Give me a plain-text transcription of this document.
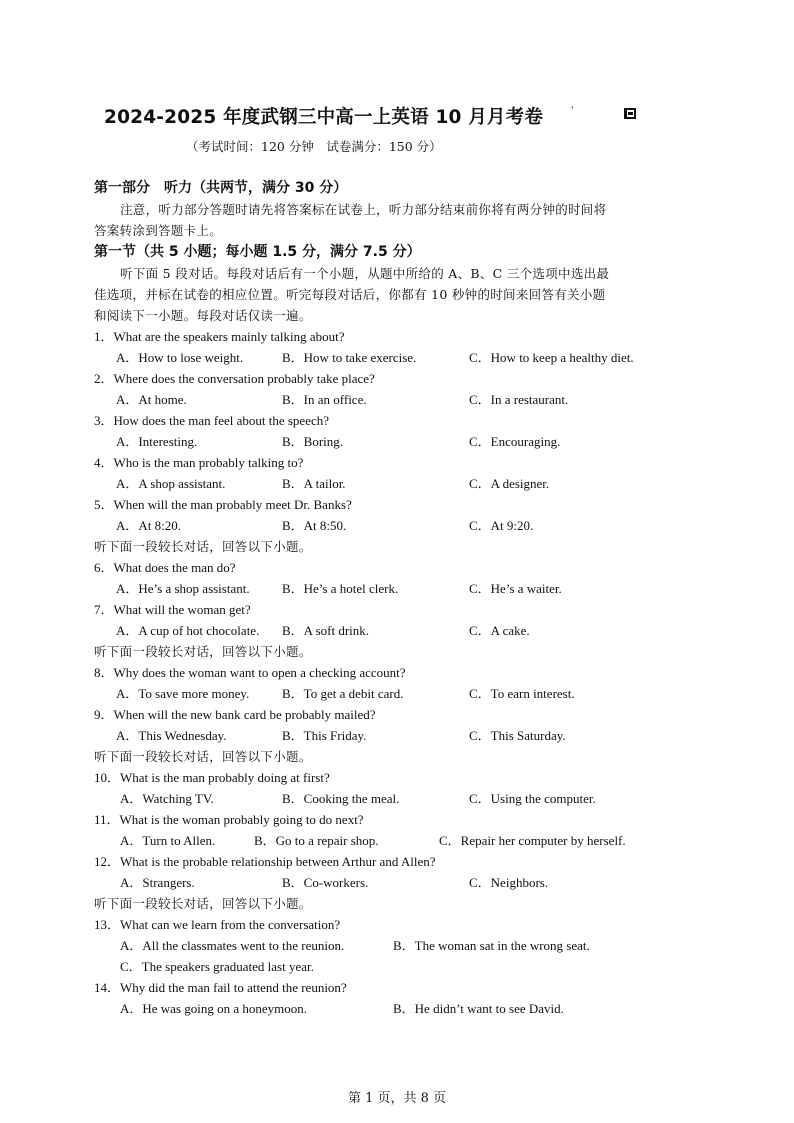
2024-2025 年度武钢三中高一上英语 10 月月考卷	'
（考试时间：120 分钟　试卷满分：150 分）
第一部分　听力（共两节，满分 30 分）
注意，听力部分答题时请先将答案标在试卷上，听力部分结束前你将有两分钟的时间将
答案转涂到答题卡上。
第一节（共 5 小题；每小题 1.5 分，满分 7.5 分）
听下面 5 段对话。每段对话后有一个小题，从题中所给的 A、B、C 三个选项中选出最
佳选项，并标在试卷的相应位置。听完每段对话后，你都有 10 秒钟的时间来回答有关小题
和阅读下一小题。每段对话仅读一遍。
1．What are the speakers mainly talking about?
A．How to lose weight.	B．How to take exercise.	C．How to keep a healthy diet.
2．Where does the conversation probably take place?
A．At home.	B．In an office.	C．In a restaurant.
3．How does the man feel about the speech?
A．Interesting.	B．Boring.	C．Encouraging.
4．Who is the man probably talking to?
A．A shop assistant.	B．A tailor.	C．A designer.
5．When will the man probably meet Dr. Banks?
A．At 8:20.	B．At 8:50.	C．At 9:20.
听下面一段较长对话，回答以下小题。
6．What does the man do?
A．He’s a shop assistant. B．He’s a hotel clerk.	C．He’s a waiter.
7．What will the woman get?
A．A cup of hot chocolate. B．A soft drink.	C．A cake.
听下面一段较长对话，回答以下小题。
8．Why does the woman want to open a checking account?
A．To save more money.	B．To get a debit card.	C．To earn interest.
9．When will the new bank card be probably mailed?
A．This Wednesday.	B．This Friday.	C．This Saturday.
听下面一段较长对话，回答以下小题。
10．What is the man probably doing at first?
A．Watching TV.	B．Cooking the meal.	C．Using the computer.
11．What is the woman probably going to do next?
A．Turn to Allen.	B．Go to a repair shop.	C．Repair her computer by herself.
12．What is the probable relationship between Arthur and Allen?
A．Strangers.	B．Co-workers.	C．Neighbors.
听下面一段较长对话，回答以下小题。
13．What can we learn from the conversation?
A．All the classmates went to the reunion.	B．The woman sat in the wrong seat.
C．The speakers graduated last year.
14．Why did the man fail to attend the reunion?
A．He was going on a honeymoon.	B．He didn’t want to see David.
第 1 页，共 8 页
